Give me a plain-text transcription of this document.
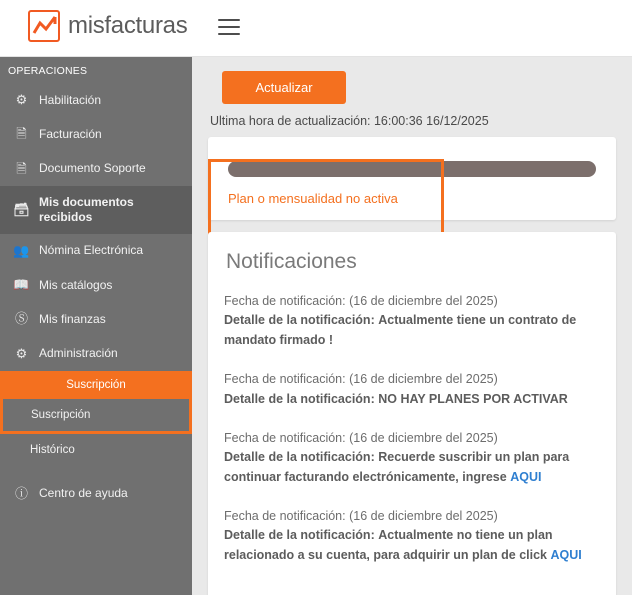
misfacturas
OPERACIONES
⚙ Habilitación
🗎 Facturación
🗎 Documento Soporte
🗃 Mis documentos recibidos
👥 Nómina Electrónica
📖 Mis catálogos
Ⓢ Mis finanzas
⚙ Administración
Suscripción
Suscripción
Histórico
ⓘ Centro de ayuda
Actualizar
Ultima hora de actualización: 16:00:36 16/12/2025
Plan o mensualidad no activa
Notificaciones
Fecha de notificación: (16 de diciembre del 2025)
Detalle de la notificación: Actualmente tiene un contrato de mandato firmado !
Fecha de notificación: (16 de diciembre del 2025)
Detalle de la notificación: NO HAY PLANES POR ACTIVAR
Fecha de notificación: (16 de diciembre del 2025)
Detalle de la notificación: Recuerde suscribir un plan para continuar facturando electrónicamente, ingrese AQUI
Fecha de notificación: (16 de diciembre del 2025)
Detalle de la notificación: Actualmente no tiene un plan relacionado a su cuenta, para adquirir un plan de click AQUI
